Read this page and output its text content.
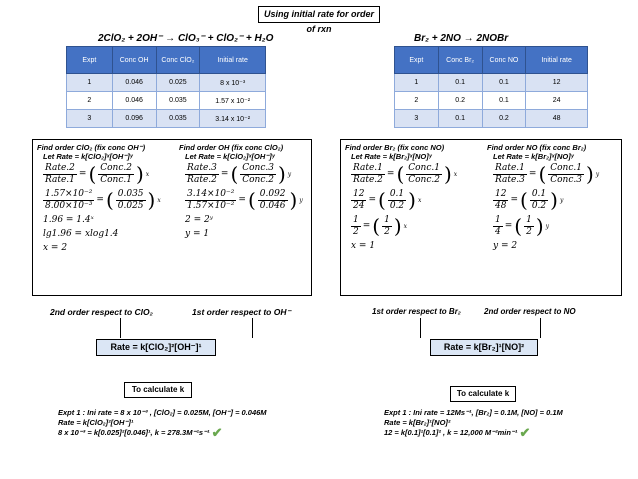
Using initial rate for order of rxn
2ClO₂ + 2OH⁻ → ClO₃⁻ + ClO₂⁻ + H₂O
Expt	Conc OH	Conc ClO₂	Initial rate
1	0.046	0.025	8 x 10⁻³
2	0.046	0.035	1.57 x 10⁻²
3	0.096	0.035	3.14 x 10⁻²
Br₂ + 2NO → 2NOBr
Expt	Conc Br₂	Conc NO	Initial rate
1	0.1	0.1	12
2	0.2	0.1	24
3	0.1	0.2	48
Find order ClO₂ (fix conc OH⁻)
Let Rate = k[ClO₂]ˣ[OH⁻]ʸ
$\frac{\text{Rate.2}}{\text{Rate.1}}$ = ( $\frac{\text{Conc.2}}{\text{Conc.1}}$ ) x
$\frac{\text{1.57×10⁻²}}{\text{8.00×10⁻³}}$ = ( $\frac{0.035}{0.025}$ ) x
1.96 = 1.4ˣ
lg1.96 = xlog1.4
x = 2
Find order OH (fix conc ClO₂)
Let Rate = k[ClO₂]ˣ[OH⁻]ʸ
$\frac{\text{Rate.3}}{\text{Rate.2}}$ = ( $\frac{\text{Conc.3}}{\text{Conc.2}}$ ) y
$\frac{\text{3.14×10⁻²}}{\text{1.57×10⁻²}}$ = ( $\frac{0.092}{0.046}$ ) y
2 = 2ʸ
y = 1
Find order Br₂ (fix conc NO)
Let Rate = k[Br₂]ˣ[NO]ʸ
$\frac{\text{Rate.1}}{\text{Rate.2}}$ = ( $\frac{\text{Conc.1}}{\text{Conc.2}}$ ) x
$\frac{12}{24}$ = ( $\frac{0.1}{0.2}$ ) x
$\frac{1}{2}$ = ( $\frac{1}{2}$ ) x
x = 1
Find order NO (fix conc Br₂)
Let Rate = k[Br₂]ˣ[NO]ʸ
$\frac{\text{Rate.1}}{\text{Rate.3}}$ = ( $\frac{\text{Conc.1}}{\text{Conc.3}}$ ) y
$\frac{12}{48}$ = ( $\frac{0.1}{0.2}$ ) y
$\frac{1}{4}$ = ( $\frac{1}{2}$ ) y
y = 2
2nd order respect to ClO₂	1st order respect to OH⁻
Rate = k[ClO₂]²[OH⁻]¹
1st order respect to Br₂	2nd order respect to NO
Rate = k[Br₂]¹[NO]²
To calculate k	To calculate k
Expt 1 : Ini rate = 8 x 10⁻³ , [ClO₂] = 0.025M, [OH⁻] = 0.046M
Rate = k[ClO₂]²[OH⁻]¹
8 x 10⁻³ = k[0.025]²[0.046]¹, k = 278.3M⁻¹s⁻¹ ✔
Expt 1 : Ini rate = 12Ms⁻¹, [Br₂] = 0.1M, [NO] = 0.1M
Rate = k[Br₂]¹[NO]²
12 = k[0.1]¹[0.1]² , k = 12,000 M⁻²min⁻¹ ✔
